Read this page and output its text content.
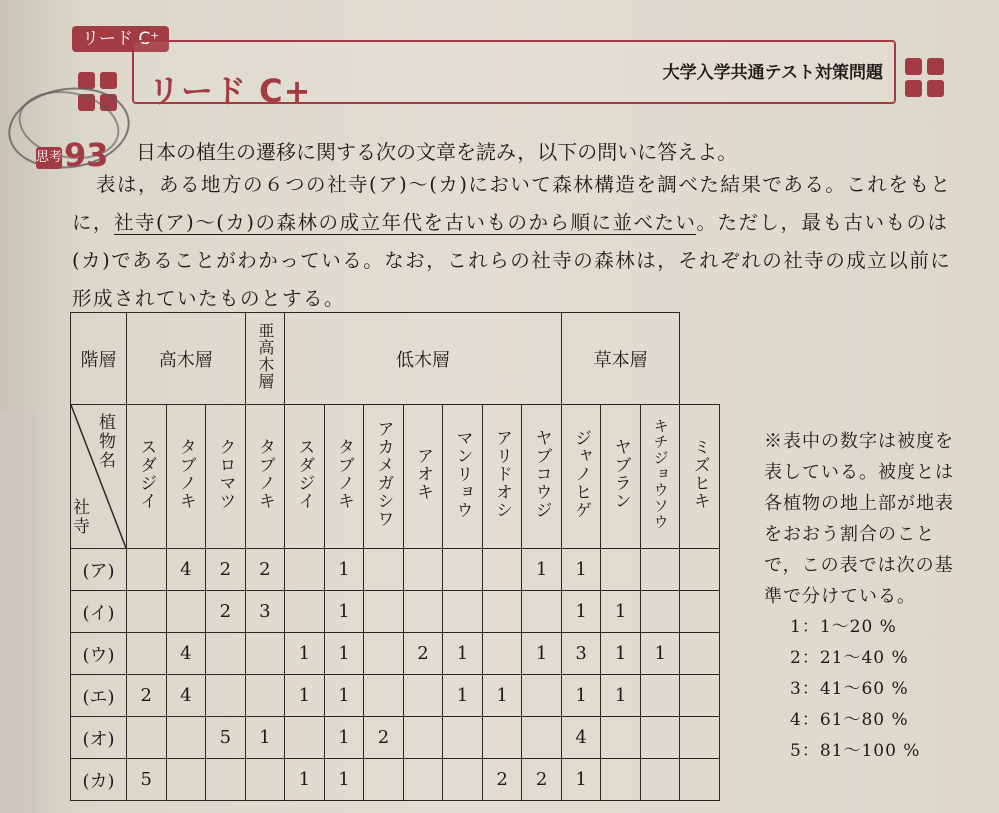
リード C⁺
リード C+	大学入学共通テスト対策問題
思考 93 日本の植生の遷移に関する次の文章を読み，以下の問いに答えよ。
表は，ある地方の６つの社寺(ア)～(カ)において森林構造を調べた結果である。これをもとに，社寺(ア)～(カ)の森林の成立年代を古いものから順に並べたい。ただし，最も古いものは(カ)であることがわかっている。なお，これらの社寺の森林は，それぞれの社寺の成立以前に形成されていたものとする。
階層	高木層			亜高木層	低木層							草本層			

植物名
社寺	スダジイ	タブノキ	クロマツ	タブノキ	スダジイ	タブノキ	アカメガシワ	アオキ	マンリョウ	アリドオシ	ヤブコウジ	ジャノヒゲ	ヤブラン	キチジョウソウ	ミズヒキ
(ア)		4	2	2		1					1	1			
(イ)			2	3		1						1	1		
(ウ)		4			1	1		2	1		1	3	1	1	
(エ)	2	4			1	1			1	1		1	1		
(オ)			5	1		1	2					4			
(カ)	5				1	1				2	2	1			
※表中の数字は被度を表している。被度とは各植物の地上部が地表をおおう割合のことで，この表では次の基準で分けている。
1：1～20 %
2：21～40 %
3：41～60 %
4：61～80 %
5：81～100 %
